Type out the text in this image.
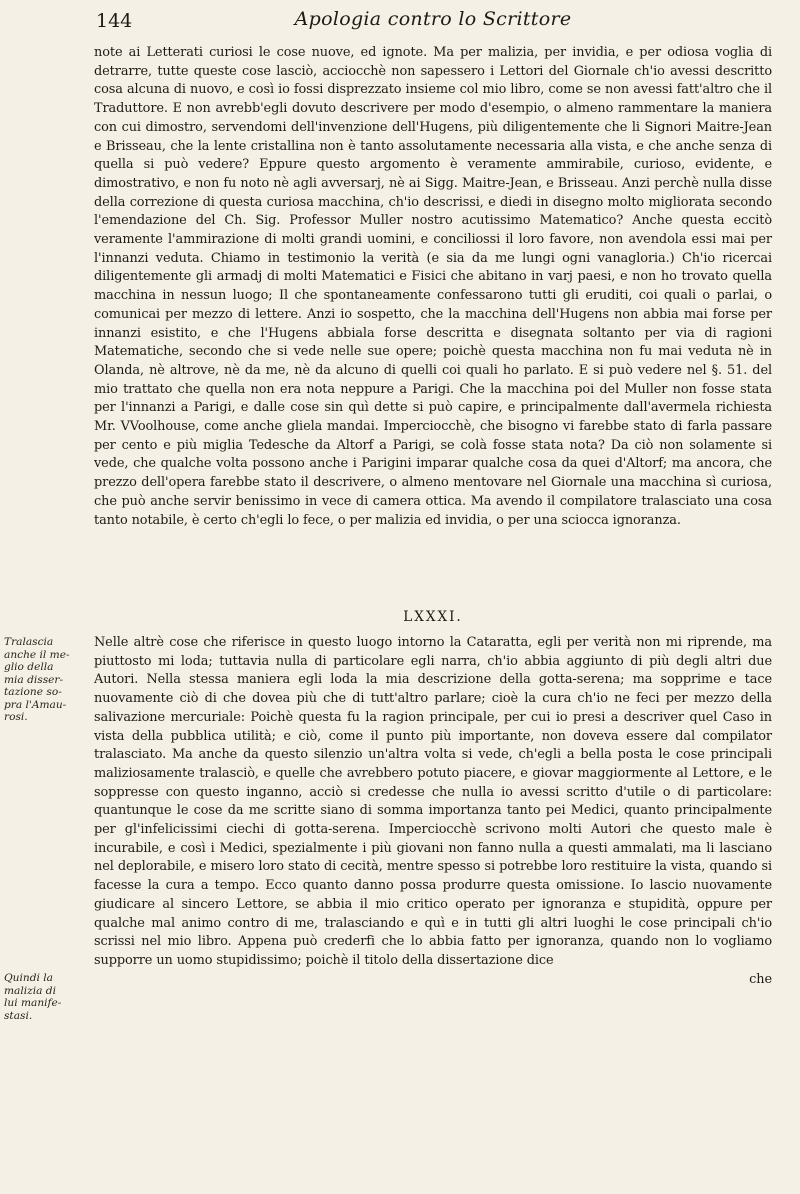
144	Apologia contro lo Scrittore

note ai Letterati curiosi le cose nuove, ed ignote. Ma per malizia, per invidia, e per odiosa voglia di detrarre, tutte queste cose lasciò, acciocchè non sapessero i Lettori del Giornale ch'io avessi descritto cosa alcuna di nuovo, e così io fossi disprezzato insieme col mio libro, come se non avessi fatt'altro che il Traduttore. E non avrebb'egli dovuto descrivere per modo d'esempio, o almeno rammentare la maniera con cui dimostro, servendomi dell'invenzione dell'Hugens, più diligentemente che li Signori Maitre-Jean e Brisseau, che la lente cristallina non è tanto assolutamente necessaria alla vista, e che anche senza di quella si può vedere? Eppure questo argomento è veramente ammirabile, curioso, evidente, e dimostrativo, e non fu noto nè agli avversarj, nè ai Sigg. Maitre-Jean, e Brisseau. Anzi perchè nulla disse della correzione di questa curiosa macchina, ch'io descrissi, e diedi in disegno molto migliorata secondo l'emendazione del Ch. Sig. Professor Muller nostro acutissimo Matematico? Anche questa eccitò veramente l'ammirazione di molti grandi uomini, e conciliossi il loro favore, non avendola essi mai per l'innanzi veduta. Chiamo in testimonio la verità (e sia da me lungi ogni vanagloria.) Ch'io ricercai diligentemente gli armadj di molti Matematici e Fisici che abitano in varj paesi, e non ho trovato quella macchina in nessun luogo; Il che spontaneamente confessarono tutti gli eruditi, coi quali o parlai, o comunicai per mezzo di lettere. Anzi io sospetto, che la macchina dell'Hugens non abbia mai forse per innanzi esistito, e che l'Hugens abbiala forse descritta e disegnata soltanto per via di ragioni Matematiche, secondo che si vede nelle sue opere; poichè questa macchina non fu mai veduta nè in Olanda, nè altrove, nè da me, nè da alcuno di quelli coi quali ho parlato. E si può vedere nel §. 51. del mio trattato che quella non era nota neppure a Parigi. Che la macchina poi del Muller non fosse stata per l'innanzi a Parigi, e dalle cose sin quì dette si può capire, e principalmente dall'avermela richiesta Mr. VVoolhouse, come anche gliela mandai. Imperciocchè, che bisogno vi farebbe stato di farla passare per cento e più miglia Tedesche da Altorf a Parigi, se colà fosse stata nota? Da ciò non solamente si vede, che qualche volta possono anche i Parigini imparar qualche cosa da quei d'Altorf; ma ancora, che prezzo dell'opera farebbe stato il descrivere, o almeno mentovare nel Giornale una macchina sì curiosa, che può anche servir benissimo in vece di camera ottica. Ma avendo il compilatore tralasciato una cosa tanto notabile, è certo ch'egli lo fece, o per malizia ed invidia, o per una sciocca ignoranza.

LXXXI.

Nelle altrè cose che riferisce in questo luogo intorno la Cataratta, egli per verità non mi riprende, ma piuttosto mi loda; tuttavia nulla di particolare egli narra, ch'io abbia aggiunto di più degli altri due Autori. Nella stessa maniera egli loda la mia descrizione della gotta-serena; ma sopprime e tace nuovamente ciò di che dovea più che di tutt'altro parlare; cioè la cura ch'io ne feci per mezzo della salivazione mercuriale: Poichè questa fu la ragion principale, per cui io presi a descriver quel Caso in vista della pubblica utilità; e ciò, come il punto più importante, non doveva essere dal compilator tralasciato. Ma anche da questo silenzio un'altra volta si vede, ch'egli a bella posta le cose principali maliziosamente tralasciò, e quelle che avrebbero potuto piacere, e giovar maggiormente al Lettore, e le soppresse con questo inganno, acciò si credesse che nulla io avessi scritto d'utile o di particolare: quantunque le cose da me scritte siano di somma importanza tanto pei Medici, quanto principalmente per gl'infelicissimi ciechi di gotta-serena. Imperciocchè scrivono molti Autori che questo male è incurabile, e così i Medici, spezialmente i più giovani non fanno nulla a questi ammalati, ma li lasciano nel deplorabile, e misero loro stato di cecità, mentre spesso si potrebbe loro restituire la vista, quando si facesse la cura a tempo. Ecco quanto danno possa produrre questa omissione. Io lascio nuovamente giudicare al sincero Lettore, se abbia il mio critico operato per ignoranza e stupidità, oppure per qualche mal animo contro di me, tralasciando e quì e in tutti gli altri luoghi le cose principali ch'io scrissi nel mio libro. Appena può crederfi che lo abbia fatto per ignoranza, quando non lo vogliamo supporre un uomo stupidissimo; poichè il titolo della dissertazione dice

che

Tralascia
anche il me-
glio della
mia disser-
tazione so-
pra l'Amau-
rosi.
Quindi la
malizia di
lui manife-
stasi.
